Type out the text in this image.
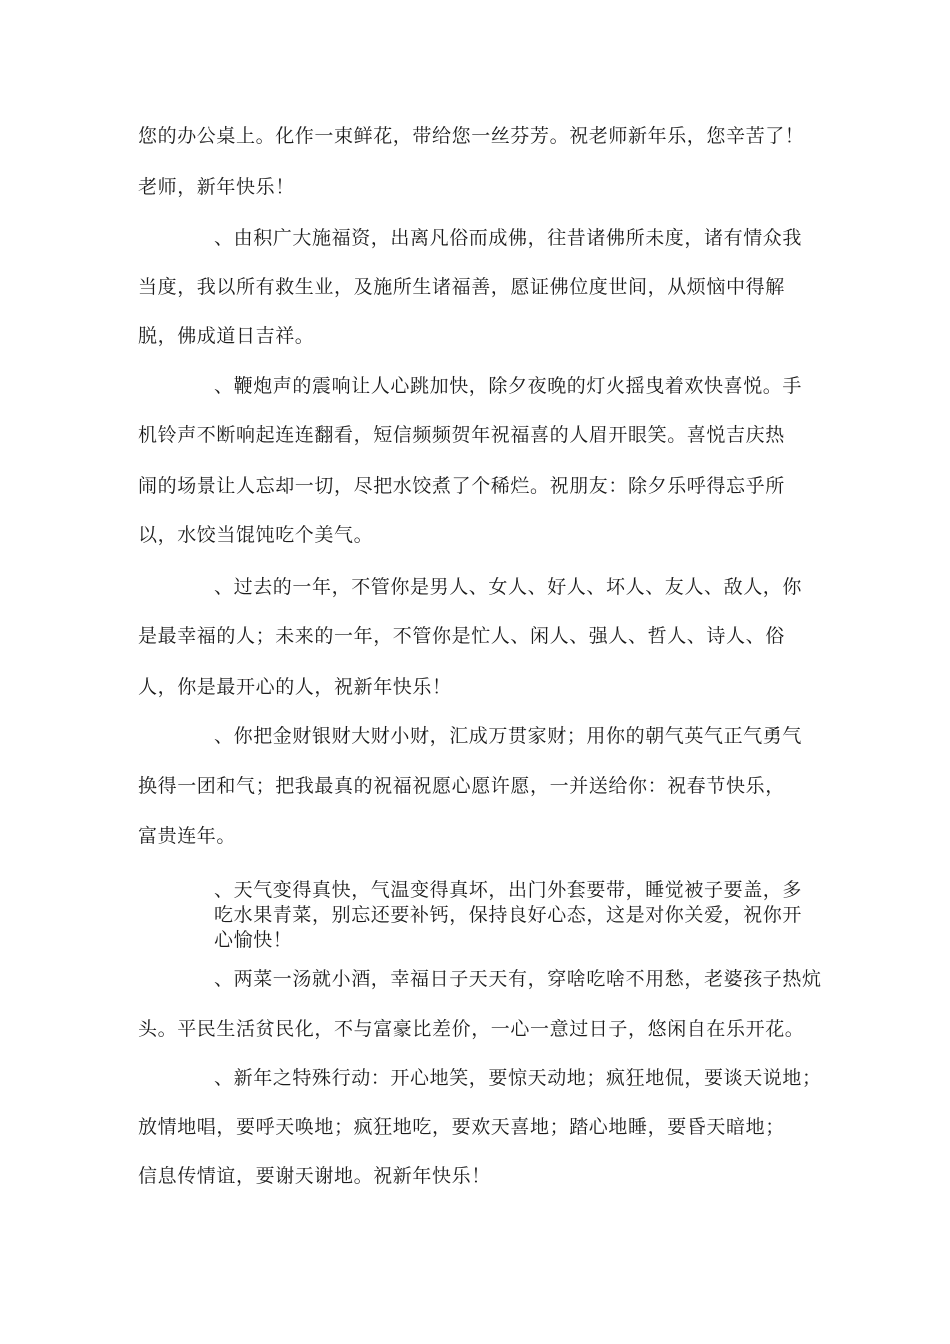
您的办公桌上。化作一束鲜花，带给您一丝芬芳。祝老师新年乐，您辛苦了！
老师，新年快乐！
、由积广大施福资，出离凡俗而成佛，往昔诸佛所未度，诸有情众我
当度，我以所有救生业，及施所生诸福善，愿证佛位度世间，从烦恼中得解
脱，佛成道日吉祥。
、鞭炮声的震响让人心跳加快，除夕夜晚的灯火摇曳着欢快喜悦。手
机铃声不断响起连连翻看，短信频频贺年祝福喜的人眉开眼笑。喜悦吉庆热
闹的场景让人忘却一切，尽把水饺煮了个稀烂。祝朋友：除夕乐呼得忘乎所
以，水饺当馄饨吃个美气。
、过去的一年，不管你是男人、女人、好人、坏人、友人、敌人，你
是最幸福的人；未来的一年，不管你是忙人、闲人、强人、哲人、诗人、俗
人，你是最开心的人，祝新年快乐！
、你把金财银财大财小财，汇成万贯家财；用你的朝气英气正气勇气
换得一团和气；把我最真的祝福祝愿心愿许愿，一并送给你：祝春节快乐，
富贵连年。
、天气变得真快，气温变得真坏，出门外套要带，睡觉被子要盖，多
吃水果青菜，别忘还要补钙，保持良好心态，这是对你关爱，祝你开
心愉快！
、两菜一汤就小酒，幸福日子天天有，穿啥吃啥不用愁，老婆孩子热炕
头。平民生活贫民化，不与富豪比差价，一心一意过日子，悠闲自在乐开花。
、新年之特殊行动：开心地笑，要惊天动地；疯狂地侃，要谈天说地；
放情地唱，要呼天唤地；疯狂地吃，要欢天喜地；踏心地睡，要昏天暗地；
信息传情谊，要谢天谢地。祝新年快乐！
